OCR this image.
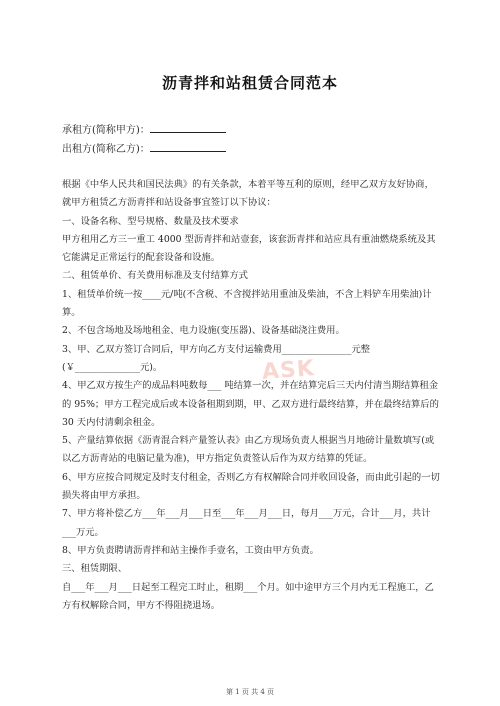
沥青拌和站租赁合同范本
承租方(简称甲方)：
出租方(简称乙方)：

根据《中华人民共和国民法典》的有关条款，本着平等互利的原则，经甲乙双方友好协商，就甲方租赁乙方沥青拌和站设备事宜签订以下协议：

一、设备名称、型号规格、数量及技术要求

甲方租用乙方三一重工 4000 型沥青拌和站壹套，该套沥青拌和站应具有重油燃烧系统及其它能满足正常运行的配套设备和设施。

二、租赁单价、有关费用标准及支付结算方式

1、租赁单价统一按____元/吨(不含税、不含搅拌站用重油及柴油，不含上料铲车用柴油)计算。

2、不包含场地及场地租金、电力设施(变压器)、设备基础浇注费用。

3、甲、乙双方签订合同后，甲方向乙方支付运输费用_______________元整(￥______________元)。

4、甲乙双方按生产的成品料吨数每___ 吨结算一次，并在结算完后三天内付清当期结算租金的 95%；甲方工程完成后或本设备租期到期，甲、乙双方进行最终结算，并在最终结算后的 30 天内付清剩余租金。

5、产量结算依据《沥青混合料产量签认表》由乙方现场负责人根据当月地磅计量数填写(或以乙方沥青站的电脑记量为准)，甲方指定负责签认后作为双方结算的凭证。

6、甲方应按合同规定及时支付租金，否则乙方有权解除合同并收回设备，而由此引起的一切损失将由甲方承担。

7、甲方将补偿乙方___年___月___日至___年___月___日，每月___万元，合计___月，共计___万元。

8、甲方负责聘请沥青拌和站主操作手壹名，工资由甲方负责。

三、租赁期限、

自___年___月___日起至工程完工时止，租期___个月。如中途甲方三个月内无工程施工，乙方有权解除合同，甲方不得阻挠退场。

ASK
第 1 页 共 4 页
